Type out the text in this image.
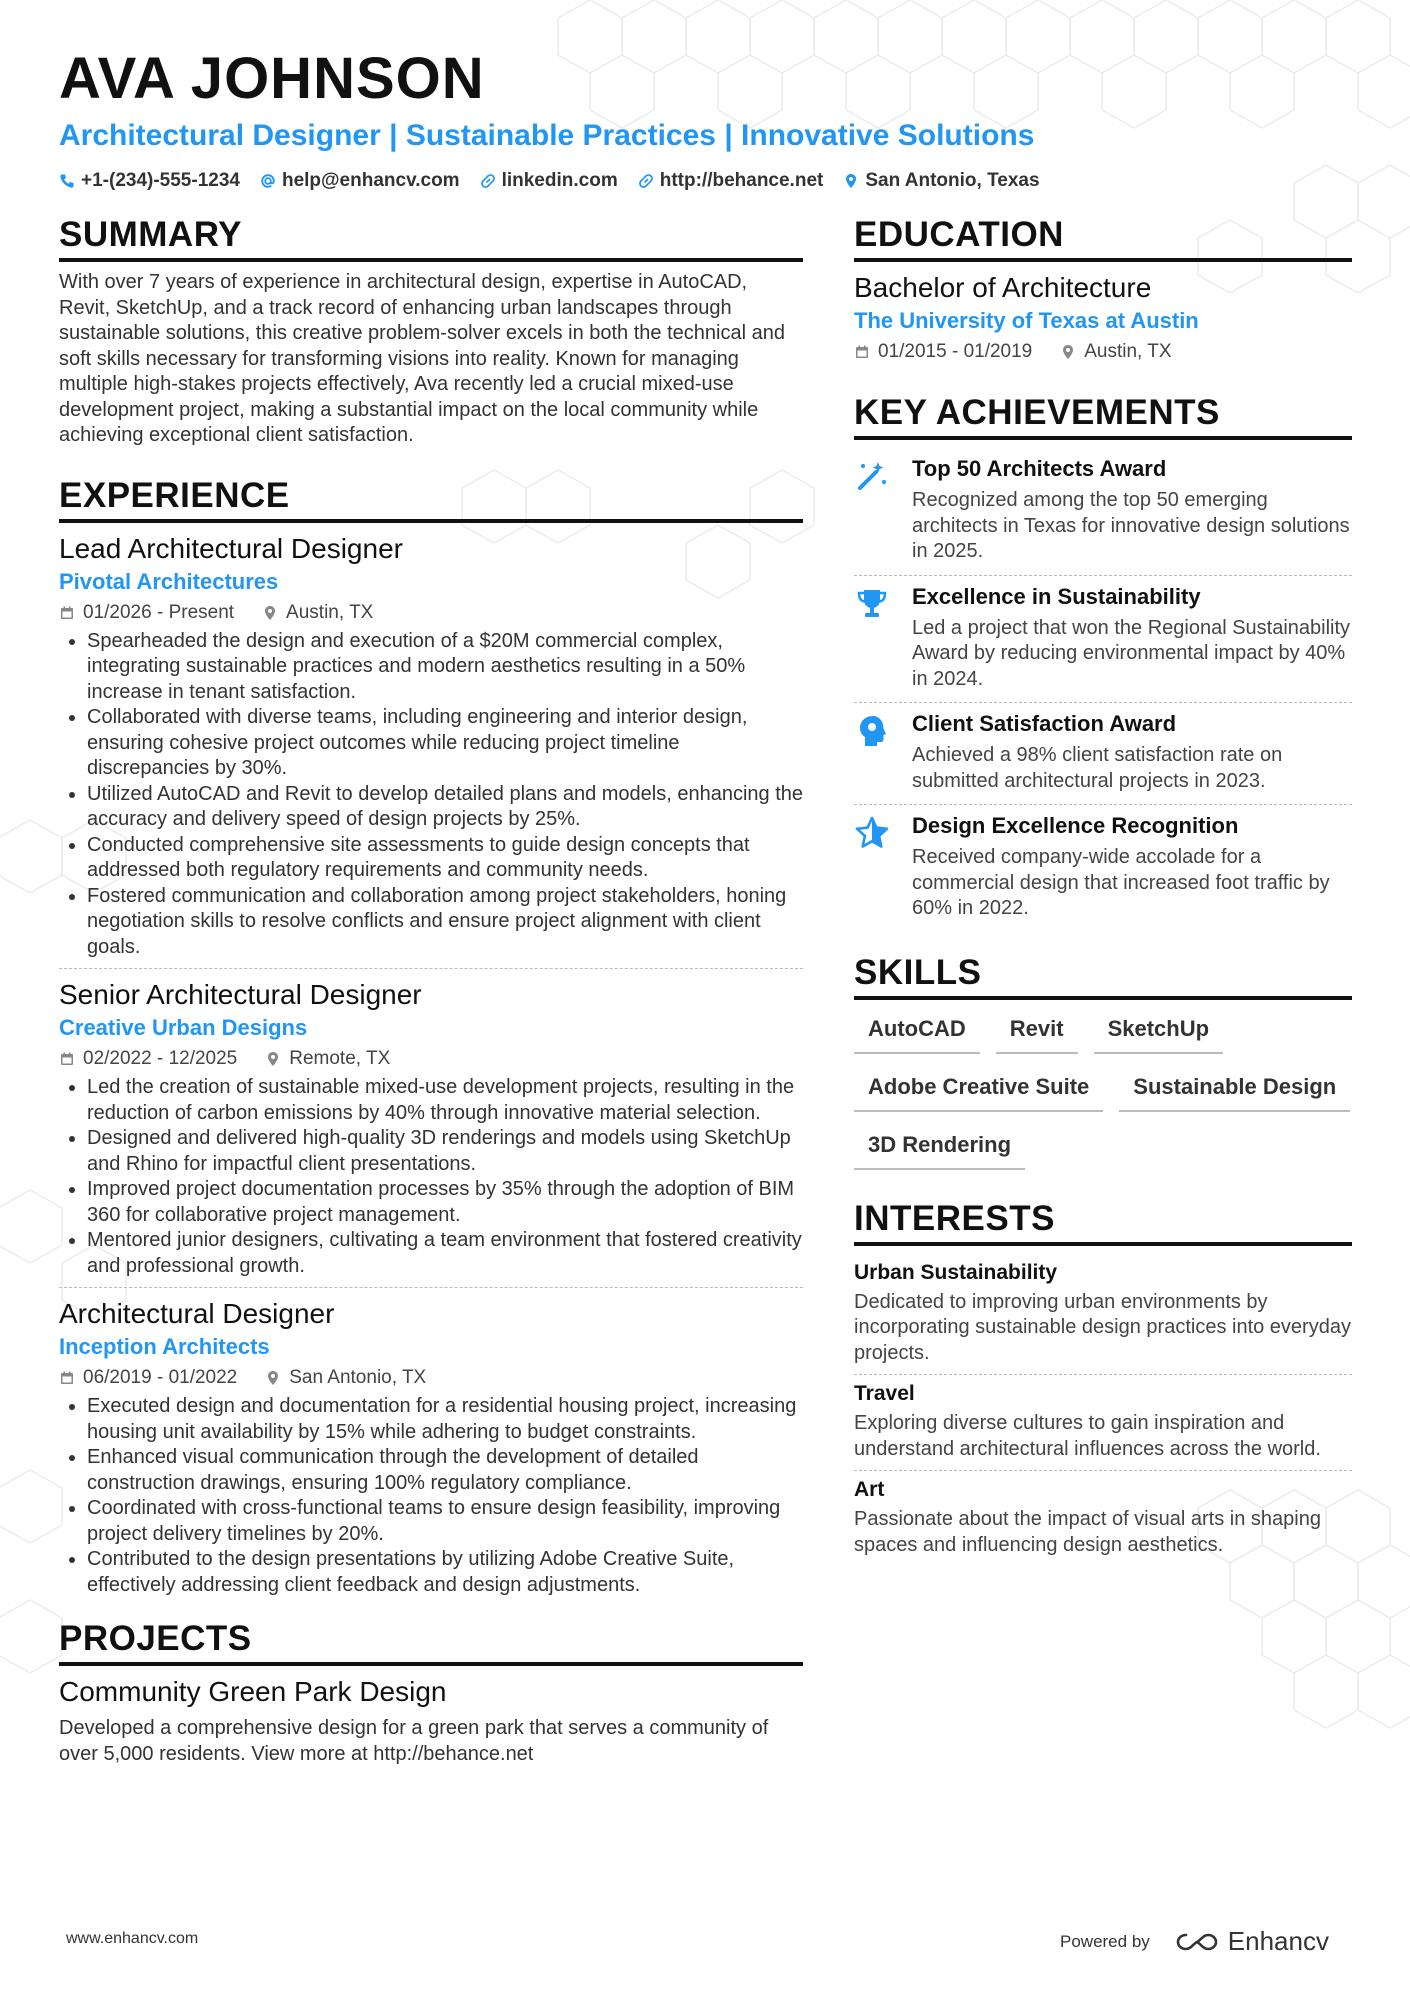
AVA JOHNSON
Architectural Designer | Sustainable Practices | Innovative Solutions
+1-(234)-555-1234 help@enhancv.com linkedin.com http://behance.net San Antonio, Texas
SUMMARY
With over 7 years of experience in architectural design, expertise in AutoCAD, Revit, SketchUp, and a track record of enhancing urban landscapes through sustainable solutions, this creative problem-solver excels in both the technical and soft skills necessary for transforming visions into reality. Known for managing multiple high-stakes projects effectively, Ava recently led a crucial mixed-use development project, making a substantial impact on the local community while achieving exceptional client satisfaction.
EXPERIENCE
Lead Architectural Designer
Pivotal Architectures
01/2026 - Present	Austin, TX
• Spearheaded the design and execution of a $20M commercial complex, integrating sustainable practices and modern aesthetics resulting in a 50% increase in tenant satisfaction.
• Collaborated with diverse teams, including engineering and interior design, ensuring cohesive project outcomes while reducing project timeline discrepancies by 30%.
• Utilized AutoCAD and Revit to develop detailed plans and models, enhancing the accuracy and delivery speed of design projects by 25%.
• Conducted comprehensive site assessments to guide design concepts that addressed both regulatory requirements and community needs.
• Fostered communication and collaboration among project stakeholders, honing negotiation skills to resolve conflicts and ensure project alignment with client goals.
Senior Architectural Designer
Creative Urban Designs
02/2022 - 12/2025	Remote, TX
• Led the creation of sustainable mixed-use development projects, resulting in the reduction of carbon emissions by 40% through innovative material selection.
• Designed and delivered high-quality 3D renderings and models using SketchUp and Rhino for impactful client presentations.
• Improved project documentation processes by 35% through the adoption of BIM 360 for collaborative project management.
• Mentored junior designers, cultivating a team environment that fostered creativity and professional growth.
Architectural Designer
Inception Architects
06/2019 - 01/2022	San Antonio, TX
• Executed design and documentation for a residential housing project, increasing housing unit availability by 15% while adhering to budget constraints.
• Enhanced visual communication through the development of detailed construction drawings, ensuring 100% regulatory compliance.
• Coordinated with cross-functional teams to ensure design feasibility, improving project delivery timelines by 20%.
• Contributed to the design presentations by utilizing Adobe Creative Suite, effectively addressing client feedback and design adjustments.
PROJECTS
Community Green Park Design
Developed a comprehensive design for a green park that serves a community of over 5,000 residents. View more at http://behance.net
EDUCATION
Bachelor of Architecture
The University of Texas at Austin
01/2015 - 01/2019	Austin, TX
KEY ACHIEVEMENTS
Top 50 Architects Award
Recognized among the top 50 emerging architects in Texas for innovative design solutions in 2025.
Excellence in Sustainability
Led a project that won the Regional Sustainability Award by reducing environmental impact by 40% in 2024.
Client Satisfaction Award
Achieved a 98% client satisfaction rate on submitted architectural projects in 2023.
Design Excellence Recognition
Received company-wide accolade for a commercial design that increased foot traffic by 60% in 2022.
SKILLS
AutoCAD	Revit	SketchUp
Adobe Creative Suite	Sustainable Design
3D Rendering
INTERESTS
Urban Sustainability
Dedicated to improving urban environments by incorporating sustainable design practices into everyday projects.
Travel
Exploring diverse cultures to gain inspiration and understand architectural influences across the world.
Art
Passionate about the impact of visual arts in shaping spaces and influencing design aesthetics.
www.enhancv.com	Powered by	Enhancv
